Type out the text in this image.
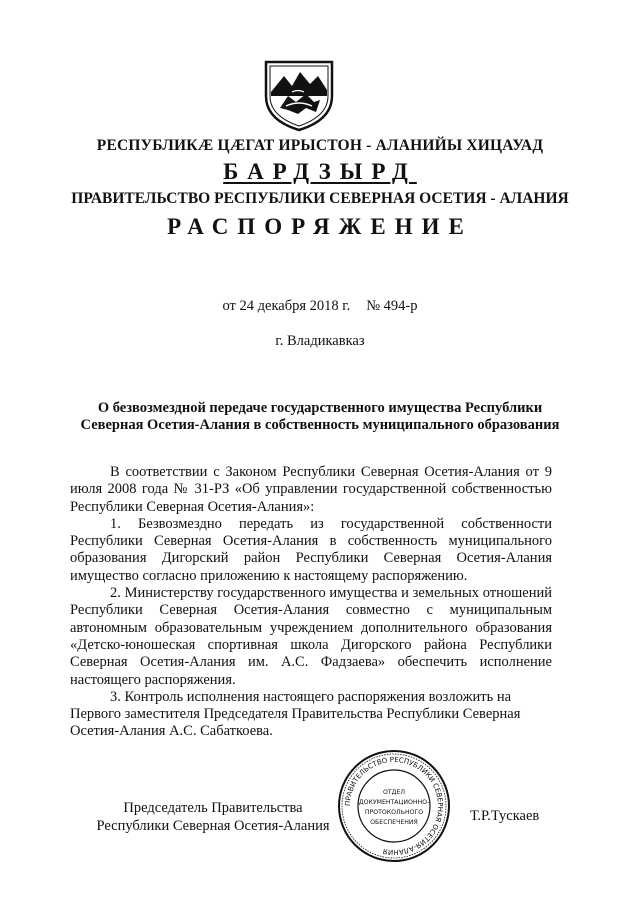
РЕСПУБЛИКӔ ЦӔГАТ ИРЫСТОН - АЛАНИЙЫ ХИЦАУАД
БАРДЗЫРД
ПРАВИТЕЛЬСТВО РЕСПУБЛИКИ СЕВЕРНАЯ ОСЕТИЯ - АЛАНИЯ
РАСПОРЯЖЕНИЕ
от 24 декабря 2018 г. № 494-р
г. Владикавказ
О безвозмездной передаче государственного имущества Республики Северная Осетия-Алания в собственность муниципального образования

В соответствии с Законом Республики Северная Осетия-Алания от 9 июля 2008 года № 31-РЗ «Об управлении государственной собственностью Республики Северная Осетия-Алания»:

1. Безвозмездно передать из государственной собственности Республики Северная Осетия-Алания в собственность муниципального образования Дигорский район Республики Северная Осетия-Алания имущество согласно приложению к настоящему распоряжению.

2. Министерству государственного имущества и земельных отношений Республики Северная Осетия-Алания совместно с муниципальным автономным образовательным учреждением дополнительного образования «Детско-юношеская спортивная школа Дигорского района Республики Северная Осетия-Алания им. А.С. Фадзаева» обеспечить исполнение настоящего распоряжения.

3. Контроль исполнения настоящего распоряжения возложить на Первого заместителя Председателя Правительства Республики Северная Осетия-Алания А.С. Сабаткоева.

Председатель Правительства
Республики Северная Осетия-Алания
ПРАВИТЕЛЬСТВО РЕСПУБЛИКИ СЕВЕРНАЯ ОСЕТИЯ-АЛАНИЯ
ОТДЕЛ
ДОКУМЕНТАЦИОННО-
ПРОТОКОЛЬНОГО
ОБЕСПЕЧЕНИЯ	Т.Р.Тускаев
